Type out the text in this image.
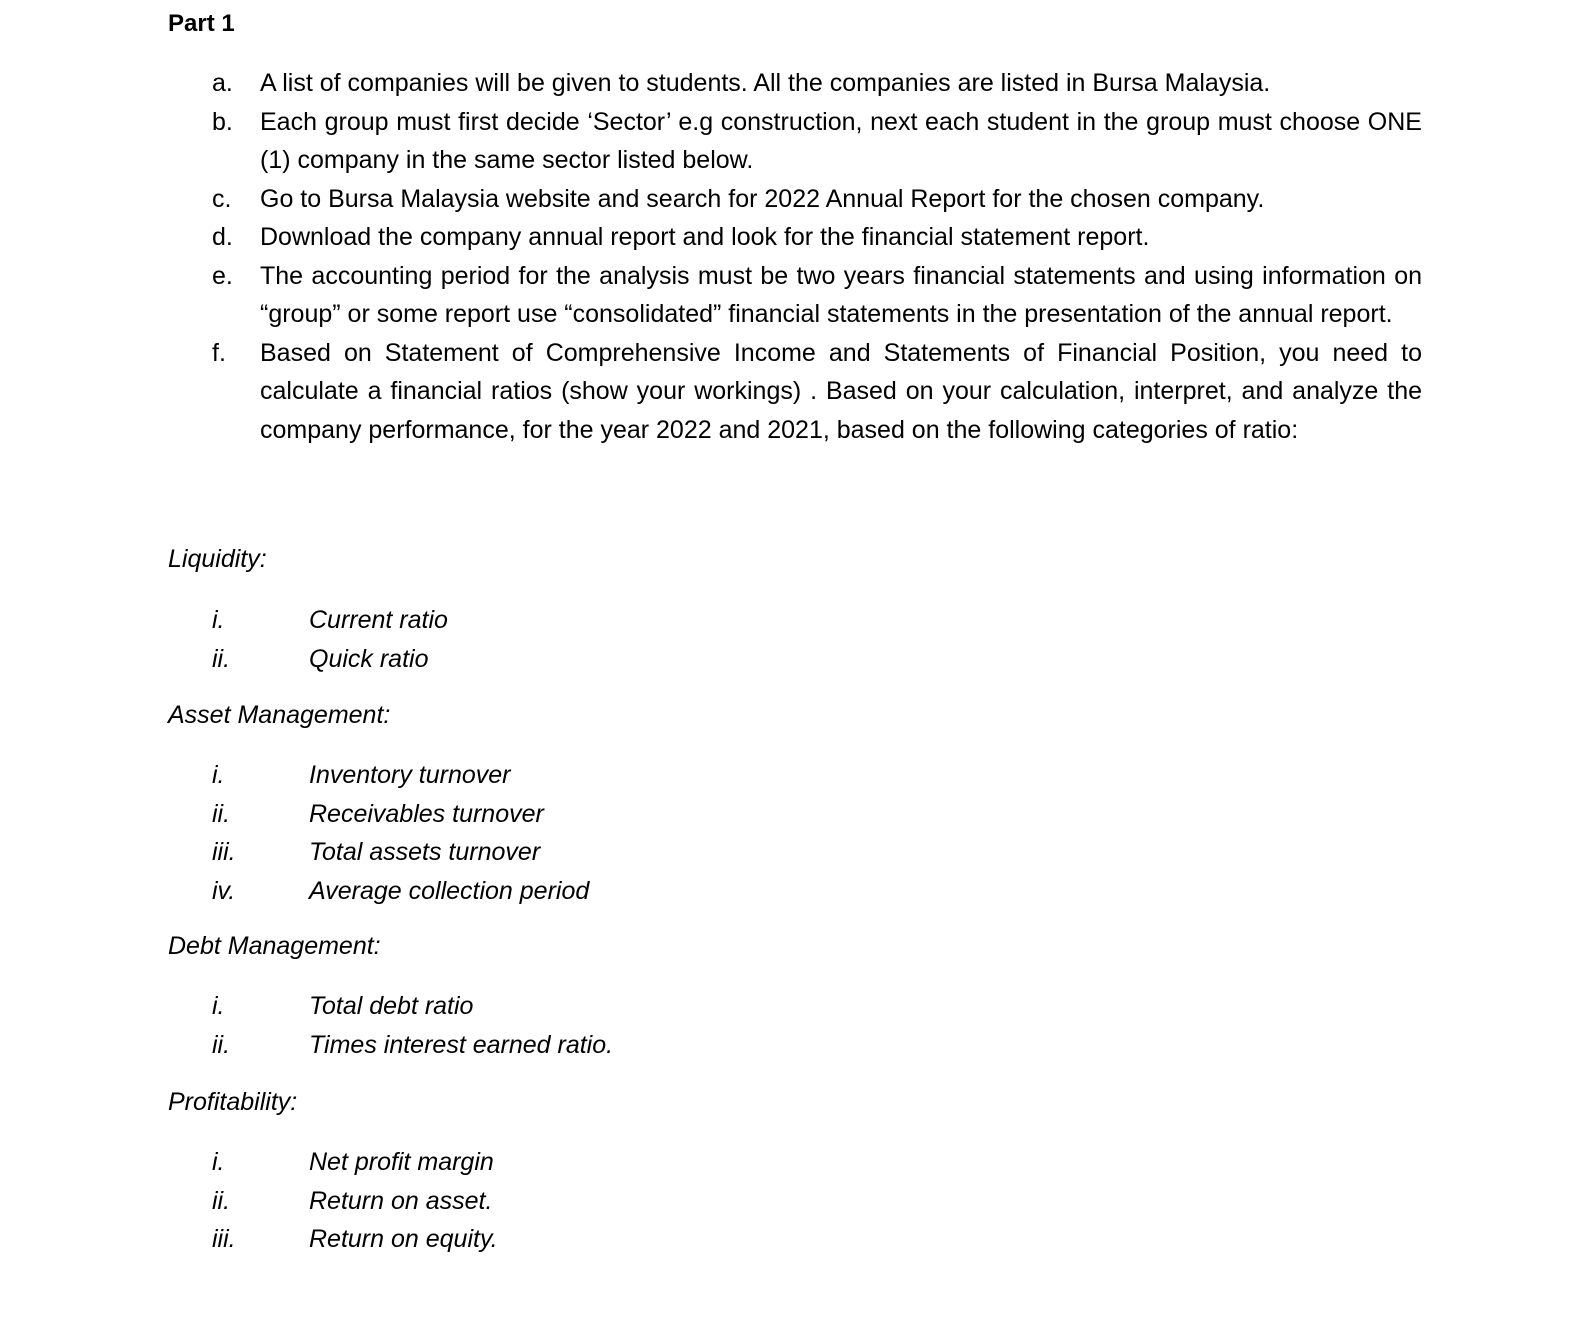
Part 1
a.	A list of companies will be given to students. All the companies are listed in Bursa Malaysia.
b.	Each group must first decide ‘Sector’ e.g construction, next each student in the group must choose ONE (1) company in the same sector listed below.
c.	Go to Bursa Malaysia website and search for 2022 Annual Report for the chosen company.
d.	Download the company annual report and look for the financial statement report.
e.	The accounting period for the analysis must be two years financial statements and using information on “group” or some report use “consolidated” financial statements in the presentation of the annual report.
f.	Based on Statement of Comprehensive Income and Statements of Financial Position, you need to calculate a financial ratios (show your workings) . Based on your calculation, interpret, and analyze the company performance, for the year 2022 and 2021, based on the following categories of ratio:

Liquidity:

i.	Current ratio
ii.	Quick ratio

Asset Management:

i.	Inventory turnover
ii.	Receivables turnover
iii.	Total assets turnover
iv.	Average collection period

Debt Management:

i.	Total debt ratio
ii.	Times interest earned ratio.

Profitability:

i.	Net profit margin
ii.	Return on asset.
iii.	Return on equity.
